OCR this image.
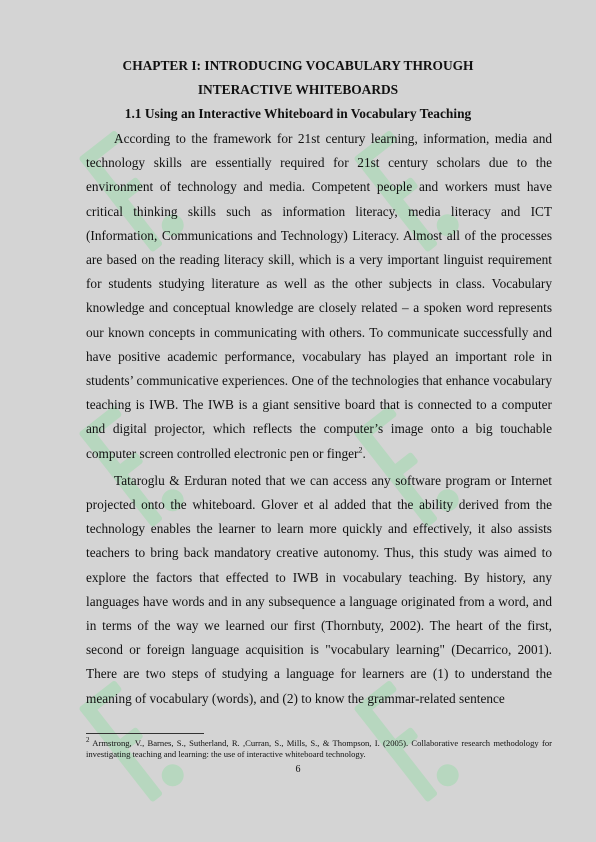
CHAPTER I: INTRODUCING VOCABULARY THROUGH
INTERACTIVE WHITEBOARDS
1.1 Using an Interactive Whiteboard in Vocabulary Teaching

According to the framework for 21st century learning, information, media and technology skills are essentially required for 21st century scholars due to the environment of technology and media. Competent people and workers must have critical thinking skills such as information literacy, media literacy and ICT (Information, Communications and Technology) Literacy. Almost all of the processes are based on the reading literacy skill, which is a very important linguist requirement for students studying literature as well as the other subjects in class. Vocabulary knowledge and conceptual knowledge are closely related – a spoken word represents our known concepts in communicating with others. To communicate successfully and have positive academic performance, vocabulary has played an important role in students’ communicative experiences. One of the technologies that enhance vocabulary teaching is IWB. The IWB is a giant sensitive board that is connected to a computer and digital projector, which reflects the computer’s image onto a big touchable computer screen controlled electronic pen or finger$^2$.

Tataroglu & Erduran noted that we can access any software program or Internet projected onto the whiteboard. Glover et al added that the ability derived from the technology enables the learner to learn more quickly and effectively, it also assists teachers to bring back mandatory creative autonomy. Thus, this study was aimed to explore the factors that effected to IWB in vocabulary teaching. By history, any languages have words and in any subsequence a language originated from a word, and in terms of the way we learned our first (Thornbuty, 2002). The heart of the first, second or foreign language acquisition is "vocabulary learning" (Decarrico, 2001). There are two steps of studying a language for learners are (1) to understand the meaning of vocabulary (words), and (2) to know the grammar-related sentence

$^2$ Armstrong, V., Barnes, S., Sutherland, R. ,Curran, S., Mills, S., & Thompson, I. (2005). Collaborative research methodology for investigating teaching and learning: the use of interactive whiteboard technology.
6
